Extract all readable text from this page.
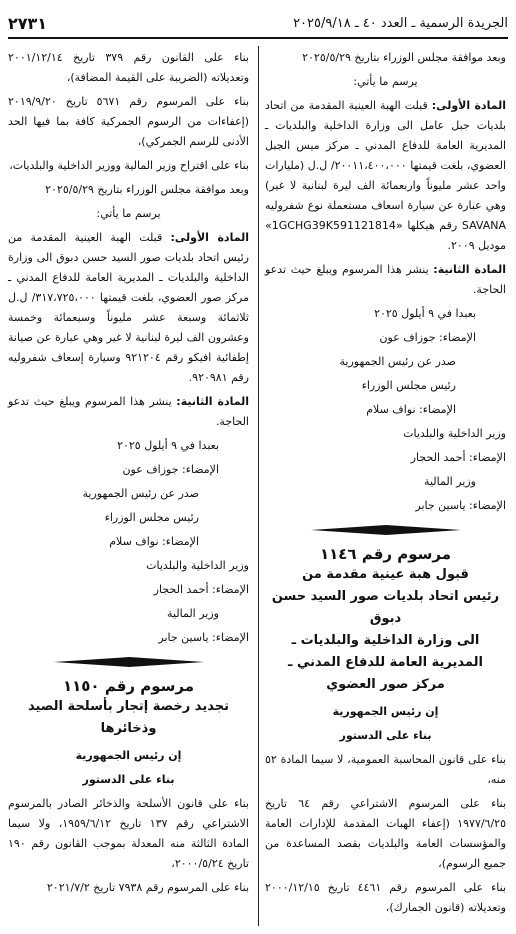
الجريدة الرسمية ـ العدد ٤٠ ـ ٢٠٢٥/٩/١٨
٢٧٣١

وبعد موافقة مجلس الوزراء بتاريخ ٢٠٢٥/٥/٢٩

يرسم ما يأتي:

المادة الأولى: قبلت الهبة العينية المقدمة من اتحاد بلديات جبل عامل الى وزارة الداخلية والبلديات ـ المديرية العامة للدفاع المدني ـ مركز ميس الجبل العضوي، بلغت قيمتها ٢٠٠١١،٤٠٠،٠٠٠/ ل.ل (مليارات واحد عشر مليوناً واربعمائة الف ليرة لبنانية لا غير) وهي عبارة عن سيارة اسعاف مستعملة نوع شفروليه SAVANA رقم هيكلها «1GCHG39K591121814» موديل ٢٠٠٩.

المادة الثانية: ينشر هذا المرسوم ويبلغ حيث تدعو الحاجة.

بعبدا في ٩ أيلول ٢٠٢٥

الإمضاء: جوزاف عون

صدر عن رئيس الجمهورية

رئيس مجلس الوزراء

الإمضاء: نواف سلام

وزير الداخلية والبلديات

الإمضاء: أحمد الحجار

وزير المالية

الإمضاء: ياسين جابر

مرسوم رقم ١١٤٦
قبول هبة عينية مقدمة من
رئيس اتحاد بلديات صور السيد حسن دبوق
الى وزارة الداخلية والبلديات ـ
المديرية العامة للدفاع المدني ـ
مركز صور العضوي

إن رئيس الجمهورية

بناء على الدستور

بناء على قانون المحاسبة العمومية، لا سيما المادة ٥٢ منه،

بناء على المرسوم الاشتراعي رقم ٦٤ تاريخ ١٩٧٧/٦/٢٥ (إعفاء الهبات المقدمة للإدارات العامة والمؤسسات العامة والبلديات بقصد المساعدة من جميع الرسوم)،

بناء على المرسوم رقم ٤٤٦١ تاريخ ٢٠٠٠/١٢/١٥ وتعديلاته (قانون الجمارك)،

بناء على القانون رقم ٣٧٩ تاريخ ٢٠٠١/١٢/١٤ وتعديلاته (الضريبة على القيمة المضافة)،

بناء على المرسوم رقم ٥٦٧١ تاريخ ٢٠١٩/٩/٢٠ (إعفاءات من الرسوم الجمركية كافة بما فيها الحد الأدنى للرسم الجمركي)،

بناء على اقتراح وزير المالية ووزير الداخلية والبلديات،

وبعد موافقة مجلس الوزراء بتاريخ ٢٠٢٥/٥/٢٩

يرسم ما يأتي:

المادة الأولى: قبلت الهبة العينية المقدمة من رئيس اتحاد بلديات صور السيد حسن دبوق الى وزارة الداخلية والبلديات ـ المديرية العامة للدفاع المدني ـ مركز صور العضوي، بلغت قيمتها ٣١٧،٧٢٥،٠٠٠/ ل.ل ثلاثمائة وسبعة عشر مليوناً وسبعمائة وخمسة وعشرون الف ليرة لبنانية لا غير وهي عبارة عن صيانة إطفائية افيكو رقم ٩٢١٢٠٤ وسيارة إسعاف شفروليه رقم ٩٢٠٩٨١.

المادة الثانية: ينشر هذا المرسوم ويبلغ حيث تدعو الحاجة.

بعبدا في ٩ أيلول ٢٠٢٥

الإمضاء: جوزاف عون

صدر عن رئيس الجمهورية

رئيس مجلس الوزراء

الإمضاء: نواف سلام

وزير الداخلية والبلديات

الإمضاء: أحمد الحجار

وزير المالية

الإمضاء: ياسين جابر

مرسوم رقم ١١٥٠
تجديد رخصة إتجار بأسلحة الصيد وذخائرها

إن رئيس الجمهورية

بناء على الدستور

بناء على قانون الأسلحة والذخائر الصادر بالمرسوم الاشتراعي رقم ١٣٧ تاريخ ١٩٥٩/٦/١٢، ولا سيما المادة الثالثة منه المعدلة بموجب القانون رقم ١٩٠ تاريخ ٢٠٠٠/٥/٢٤،

بناء على المرسوم رقم ٧٩٣٨ تاريخ ٢٠٢١/٧/٢
